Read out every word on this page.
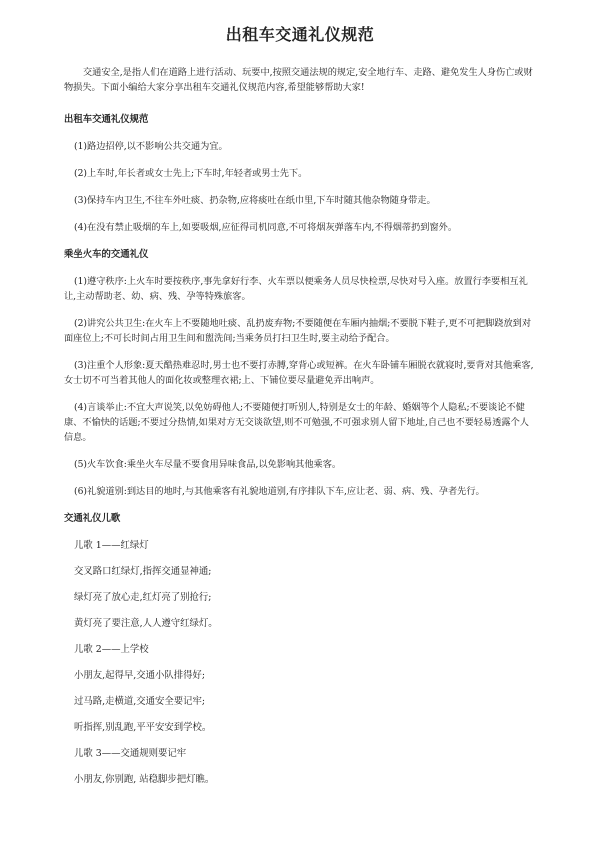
出租车交通礼仪规范

交通安全,是指人们在道路上进行活动、玩要中,按照交通法规的规定,安全地行车、走路、避免发生人身伤亡或财物损失。下面小编给大家分享出租车交通礼仪规范内容,希望能够帮助大家!

出租车交通礼仪规范

(1)路边招停,以不影响公共交通为宜。

(2)上车时,年长者或女士先上;下车时,年轻者或男士先下。

(3)保持车内卫生,不往车外吐痰、扔杂物,应将痰吐在纸巾里,下车时随其他杂物随身带走。

(4)在没有禁止吸烟的车上,如要吸烟,应征得司机同意,不可将烟灰弹落车内,不得烟蒂扔到窗外。

乘坐火车的交通礼仪

(1)遵守秩序:上火车时要按秩序,事先拿好行李、火车票以便乘务人员尽快检票,尽快对号入座。放置行李要相互礼让,主动帮助老、幼、病、残、孕等特殊旅客。

(2)讲究公共卫生:在火车上不要随地吐痰、乱扔废弃物;不要随便在车厢内抽烟;不要脱下鞋子,更不可把脚跷放到对面座位上;不可长时间占用卫生间和盥洗间;当乘务员打扫卫生时,要主动给予配合。

(3)注重个人形象:夏天酷热难忍时,男士也不要打赤膊,穿背心或短裤。在火车卧铺车厢脱衣就寝时,要背对其他乘客,女士切不可当着其他人的面化妆或整理衣裙;上、下铺位要尽量避免弄出响声。

(4)言谈举止:不宜大声说笑,以免妨碍他人;不要随便打听别人,特别是女士的年龄、婚姻等个人隐私;不要谈论不健康、不愉快的话题;不要过分热情,如果对方无交谈欲望,则不可勉强,不可强求别人留下地址,自己也不要轻易透露个人信息。

(5)火车饮食:乘坐火车尽量不要食用异味食品,以免影响其他乘客。

(6)礼貌道别:到达目的地时,与其他乘客有礼貌地道别,有序排队下车,应让老、弱、病、残、孕者先行。

交通礼仪儿歌

儿歌 1——红绿灯

交叉路口红绿灯,指挥交通显神通;

绿灯亮了放心走,红灯亮了别抢行;

黄灯亮了要注意,人人遵守红绿灯。

儿歌 2——上学校

小朋友,起得早,交通小队排得好;

过马路,走横道,交通安全要记牢;

听指挥,别乱跑,平平安安到学校。

儿歌 3——交通规则要记牢

小朋友,你别跑, 站稳脚步把灯瞧。
